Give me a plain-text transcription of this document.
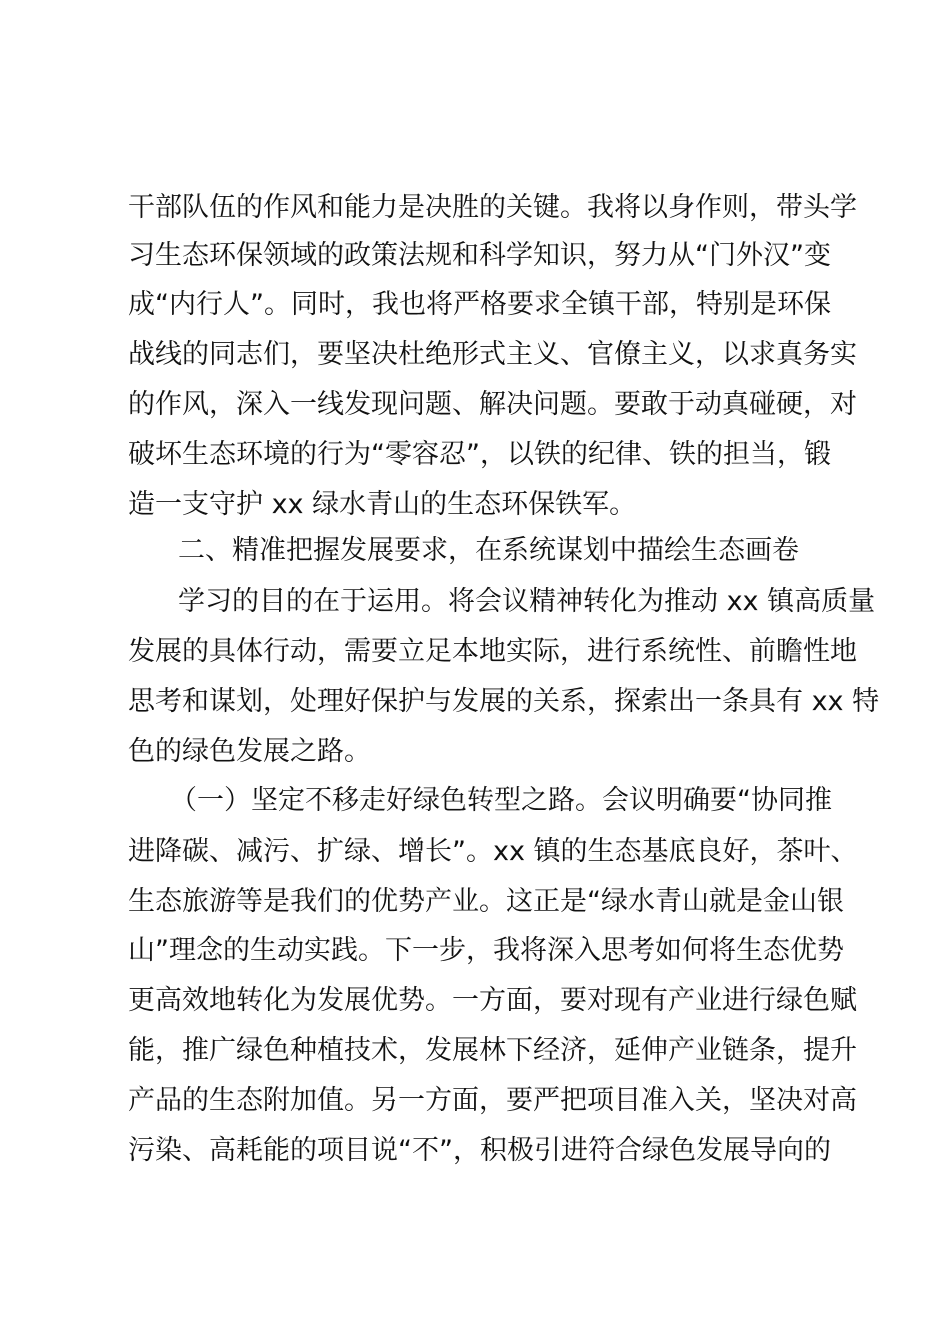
干部队伍的作风和能力是决胜的关键。我将以身作则，带头学
习生态环保领域的政策法规和科学知识，努力从“门外汉”变
成“内行人”。同时，我也将严格要求全镇干部，特别是环保
战线的同志们，要坚决杜绝形式主义、官僚主义，以求真务实
的作风，深入一线发现问题、解决问题。要敢于动真碰硬，对
破坏生态环境的行为“零容忍”，以铁的纪律、铁的担当，锻
造一支守护 xx 绿水青山的生态环保铁军。
二、精准把握发展要求，在系统谋划中描绘生态画卷
学习的目的在于运用。将会议精神转化为推动 xx 镇高质量
发展的具体行动，需要立足本地实际，进行系统性、前瞻性地
思考和谋划，处理好保护与发展的关系，探索出一条具有 xx 特
色的绿色发展之路。
（一）坚定不移走好绿色转型之路。会议明确要“协同推
进降碳、减污、扩绿、增长”。xx 镇的生态基底良好，茶叶、
生态旅游等是我们的优势产业。这正是“绿水青山就是金山银
山”理念的生动实践。下一步，我将深入思考如何将生态优势
更高效地转化为发展优势。一方面，要对现有产业进行绿色赋
能，推广绿色种植技术，发展林下经济，延伸产业链条，提升
产品的生态附加值。另一方面，要严把项目准入关，坚决对高
污染、高耗能的项目说“不”，积极引进符合绿色发展导向的
